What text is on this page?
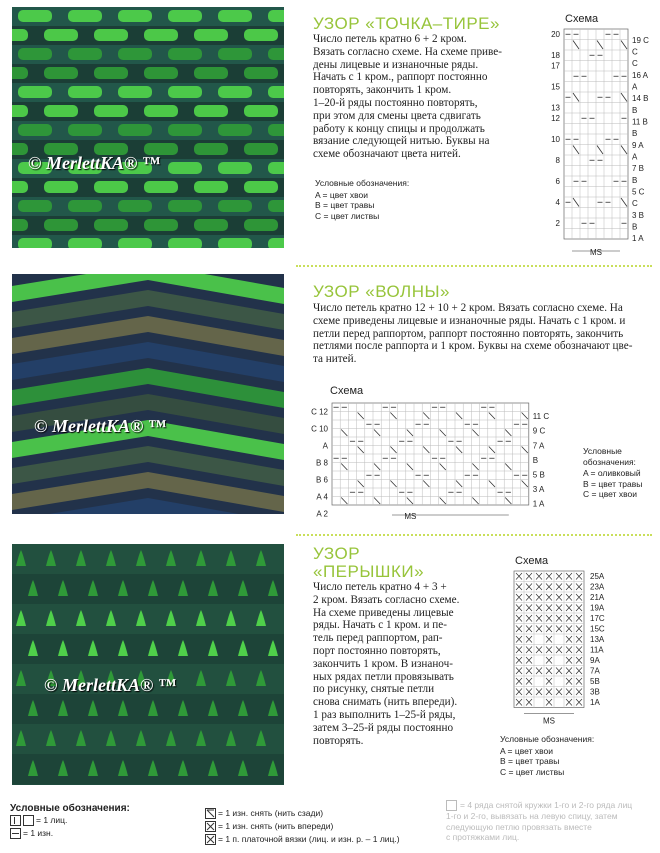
© MerlettKA® ™
УЗОР «ТОЧКА–ТИРЕ»
Число петель кратно 6 + 2 кром.
Вязать согласно схеме. На схеме приве-
дены лицевые и изнаночные ряды.
Начать с 1 кром., раппорт постоянно
повторять, закончить 1 кром.
1–20-й ряды постоянно повторять,
при этом для смены цвета сдвигать
работу к концу спицы и продолжать
вязание следующей нитью. Буквы на
схеме обозначают цвета нитей.
Условные обозначения:
A = цвет хвои
B = цвет травы
C = цвет листвы
Схема
20
18
17
15
13
12
10
8
6
4
2
19 C
C
C
16 A
A
14 B
B
11 B
B
9 A
A
7 B
B
5 C
C
3 B
B
1 A
MS
© MerlettKA® ™
УЗОР «ВОЛНЫ»
Число петель кратно 12 + 10 + 2 кром. Вязать согласно схеме. На
схеме приведены лицевые и изнаночные ряды. Начать с 1 кром. и
петли перед раппортом, раппорт постоянно повторять, закончить
петлями после раппорта и 1 кром. Буквы на схеме обозначают цве-
та нитей.
Схема
C 12
C 10
A
B 8
B 6
A 4
A 2
11 C
9 C
7 A
B
5 B
3 A
1 A
MS
Условные обозначения:
A = оливковый
B = цвет травы
C = цвет хвои
© MerlettKA® ™
УЗОР
«ПЕРЫШКИ»
Число петель кратно 4 + 3 +
2 кром. Вязать согласно схеме.
На схеме приведены лицевые
ряды. Начать с 1 кром. и пе-
тель перед раппортом, рап-
порт постоянно повторять,
закончить 1 кром. В изнаноч-
ных рядах петли провязывать
по рисунку, снятые петли
снова снимать (нить впереди).
1 раз выполнить 1–25-й ряды,
затем 3–25-й ряды постоянно
повторять.
Схема
25A
23A
21A
19A
17C
15C
13A
11A
9A
7A
5B
3B
1A
MS
Условные обозначения:
A = цвет хвои
B = цвет травы
C = цвет листвы
Условные обозначения:
= 1 лиц.
= 1 изн.
= 1 изн. снять (нить сзади)
= 1 изн. снять (нить впереди)
= 1 п. платочной вязки (лиц. и изн. р. – 1 лиц.)
= 4 ряда снятой кружки 1-го и 2-го ряда лиц
1-го и 2-го, вывязать на левую спицу, затем
следующую петлю провязать вместе
с протяжками лиц.
